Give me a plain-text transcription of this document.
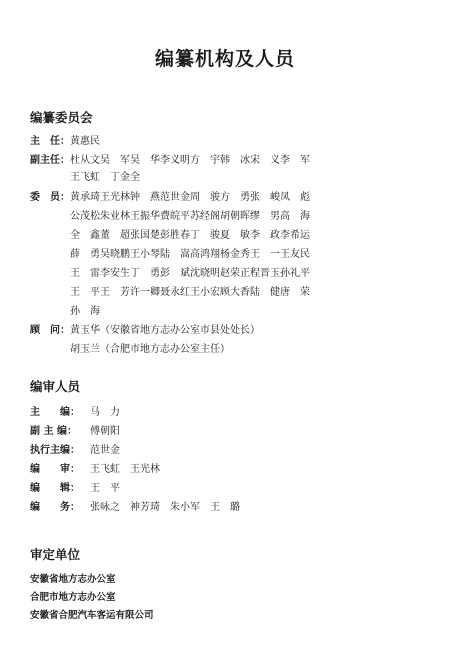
编纂机构及人员
编纂委员会
主　任：黄惠民
副主任： 杜从文吴　军吴　华李义明方　宇韩　冰宋　义李　军
王飞虹　丁金全
委　员： 黄承琦王光林钟　燕范世金周　骏方　勇张　峻凤　彪
公茂松朱业林王振华费皖平苏经阁胡朝晖缪　男高　海
全　鑫董　超张国楚彭胜春丁　骏夏　敏李　政李希运
薛　勇吴晓鹏王小琴陆　嵩高鸿翔杨金秀王　一王友民
王　雷李安生丁　勇彭　斌沈晓明赵荣正程晋玉孙礼平
王　平王　芳许一卿聂永红王小宏顾大香陆　健唐　荣
孙　海
顾　问： 黄玉华（安徽省地方志办公室市县处处长）
胡玉兰（合肥市地方志办公室主任）
编审人员
主　　编： 马　力
副 主 编： 傅朝阳
执行主编： 范世金
编　　审： 王飞虹　王光林
编　　辑： 王　平
编　　务： 张咏之　神芳琦　朱小军　王　璐
审定单位
安徽省地方志办公室
合肥市地方志办公室
安徽省合肥汽车客运有限公司
